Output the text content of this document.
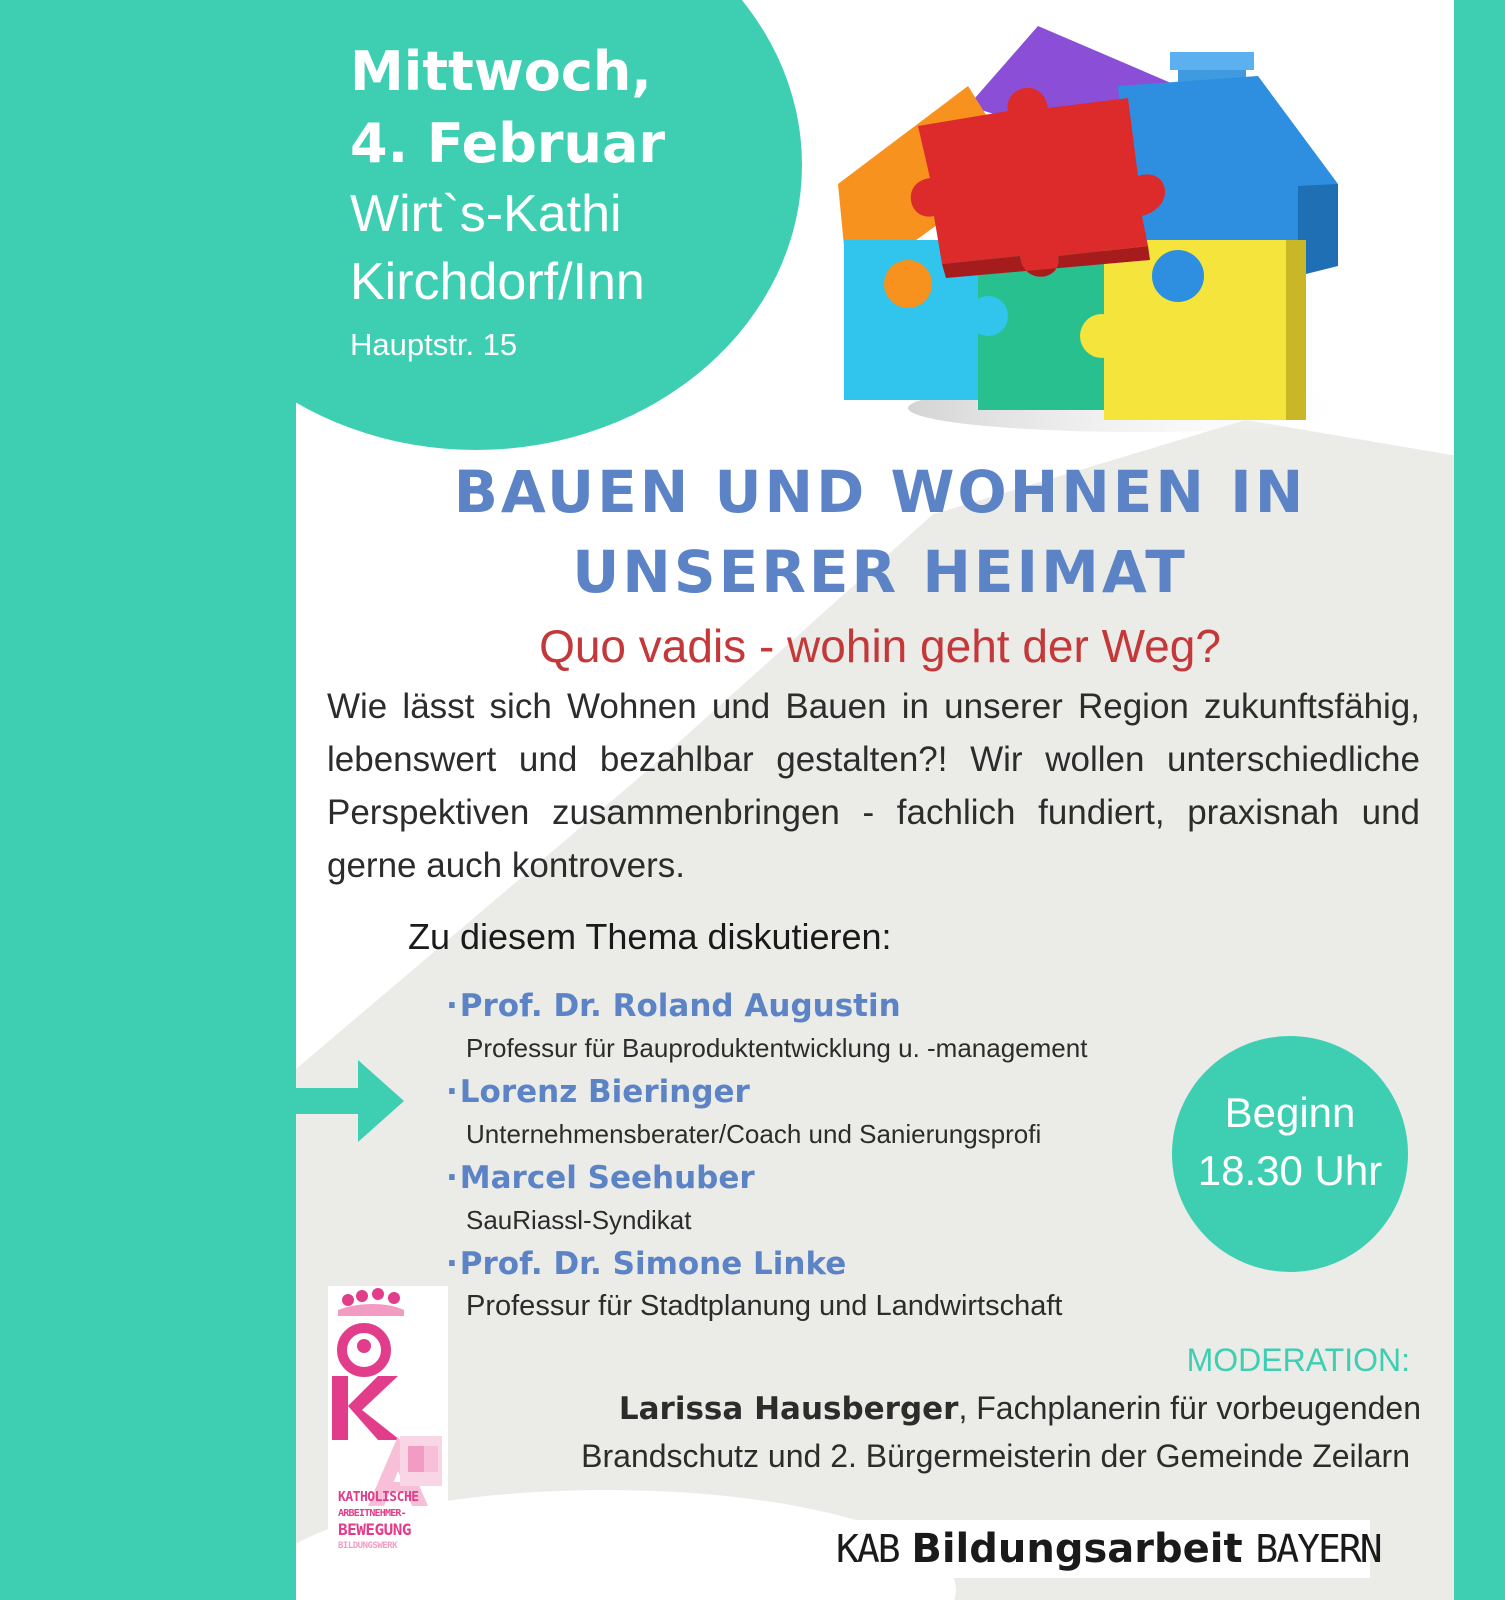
Mittwoch,
4. Februar
Wirt`s-Kathi
Kirchdorf/Inn
Hauptstr. 15
BAUEN UND WOHNEN IN
UNSERER HEIMAT
Quo vadis - wohin geht der Weg?

Wie lässt sich Wohnen und Bauen in unserer Region zukunftsfähig, lebenswert und bezahlbar gestalten?! Wir wollen unterschiedliche Perspektiven zusammenbringen - fachlich fundiert, praxisnah und gerne auch kontrovers.

Zu diesem Thema diskutieren:
·Prof. Dr. Roland Augustin
Professur für Bauproduktentwicklung u. -management
·Lorenz Bieringer
Unternehmensberater/Coach und Sanierungsprofi
·Marcel Seehuber
SauRiassl-Syndikat
·Prof. Dr. Simone Linke
Professur für Stadtplanung und Landwirtschaft
Beginn
18.30 Uhr
MODERATION:
Larissa Hausberger, Fachplanerin für vorbeugenden
Brandschutz und 2. Bürgermeisterin der Gemeinde Zeilarn
KATHOLISCHE
ARBEITNEHMER-
BEWEGUNG
BILDUNGSWERK	KAB Bildungsarbeit BAYERN
